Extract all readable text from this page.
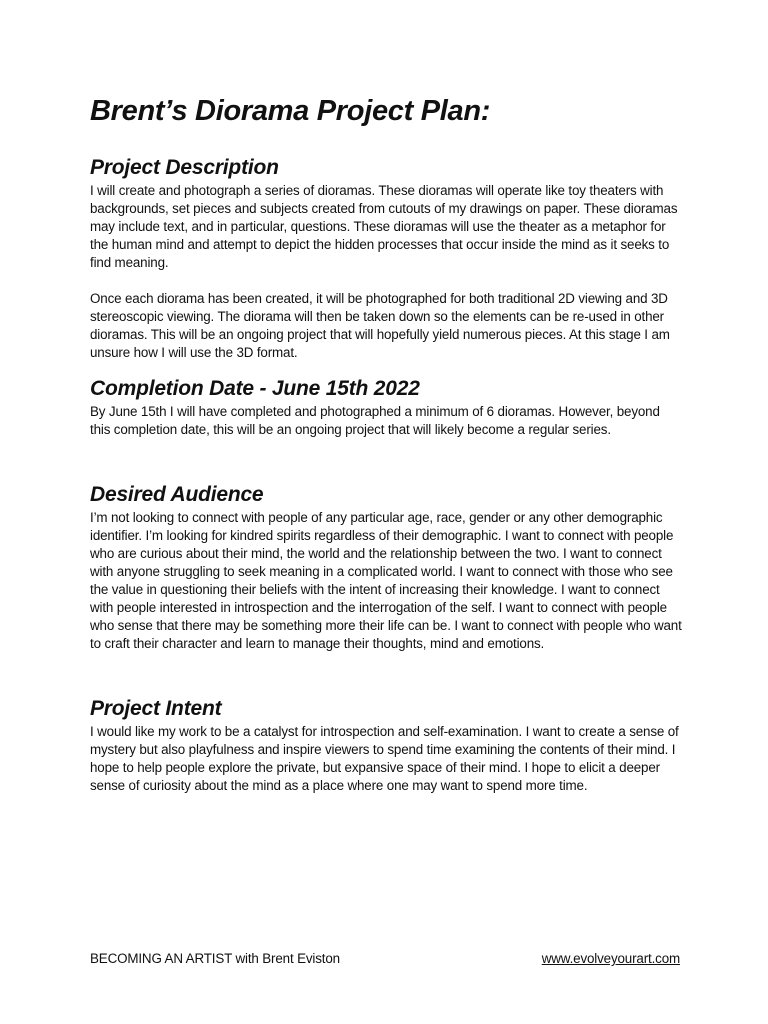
Brent’s Diorama Project Plan:
Project Description

I will create and photograph a series of dioramas. These dioramas will operate like toy theaters with backgrounds, set pieces and subjects created from cutouts of my drawings on paper. These dioramas may include text, and in particular, questions. These dioramas will use the theater as a metaphor for the human mind and attempt to depict the hidden processes that occur inside the mind as it seeks to find meaning.

Once each diorama has been created, it will be photographed for both traditional 2D viewing and 3D stereoscopic viewing. The diorama will then be taken down so the elements can be re-used in other dioramas. This will be an ongoing project that will hopefully yield numerous pieces. At this stage I am unsure how I will use the 3D format.

Completion Date - June 15th 2022

By June 15th I will have completed and photographed a minimum of 6 dioramas. However, beyond this completion date, this will be an ongoing project that will likely become a regular series.

Desired Audience

I’m not looking to connect with people of any particular age, race, gender or any other demographic identifier. I’m looking for kindred spirits regardless of their demographic. I want to connect with people who are curious about their mind, the world and the relationship between the two. I want to connect with anyone struggling to seek meaning in a complicated world. I want to connect with those who see the value in questioning their beliefs with the intent of increasing their knowledge. I want to connect with people interested in introspection and the interrogation of the self. I want to connect with people who sense that there may be something more their life can be. I want to connect with people who want to craft their character and learn to manage their thoughts, mind and emotions.

Project Intent

I would like my work to be a catalyst for introspection and self-examination. I want to create a sense of mystery but also playfulness and inspire viewers to spend time examining the contents of their mind. I hope to help people explore the private, but expansive space of their mind. I hope to elicit a deeper sense of curiosity about the mind as a place where one may want to spend more time.

BECOMING AN ARTIST with Brent Eviston	www.evolveyourart.com
